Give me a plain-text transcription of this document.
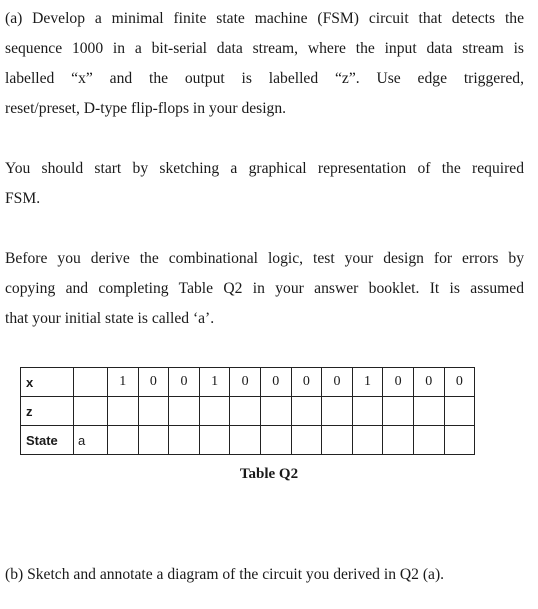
(a) Develop a minimal finite state machine (FSM) circuit that detects the
sequence 1000 in a bit-serial data stream, where the input data stream is
labelled “x” and the output is labelled “z”. Use edge triggered,
reset/preset, D-type flip-flops in your design.
You should start by sketching a graphical representation of the required
FSM.
Before you derive the combinational logic, test your design for errors by
copying and completing Table Q2 in your answer booklet. It is assumed
that your initial state is called ‘a’.
x		1	0	0	1	0	0	0	0	1	0	0	0
z													
State	a												
Table Q2
(b) Sketch and annotate a diagram of the circuit you derived in Q2 (a).
